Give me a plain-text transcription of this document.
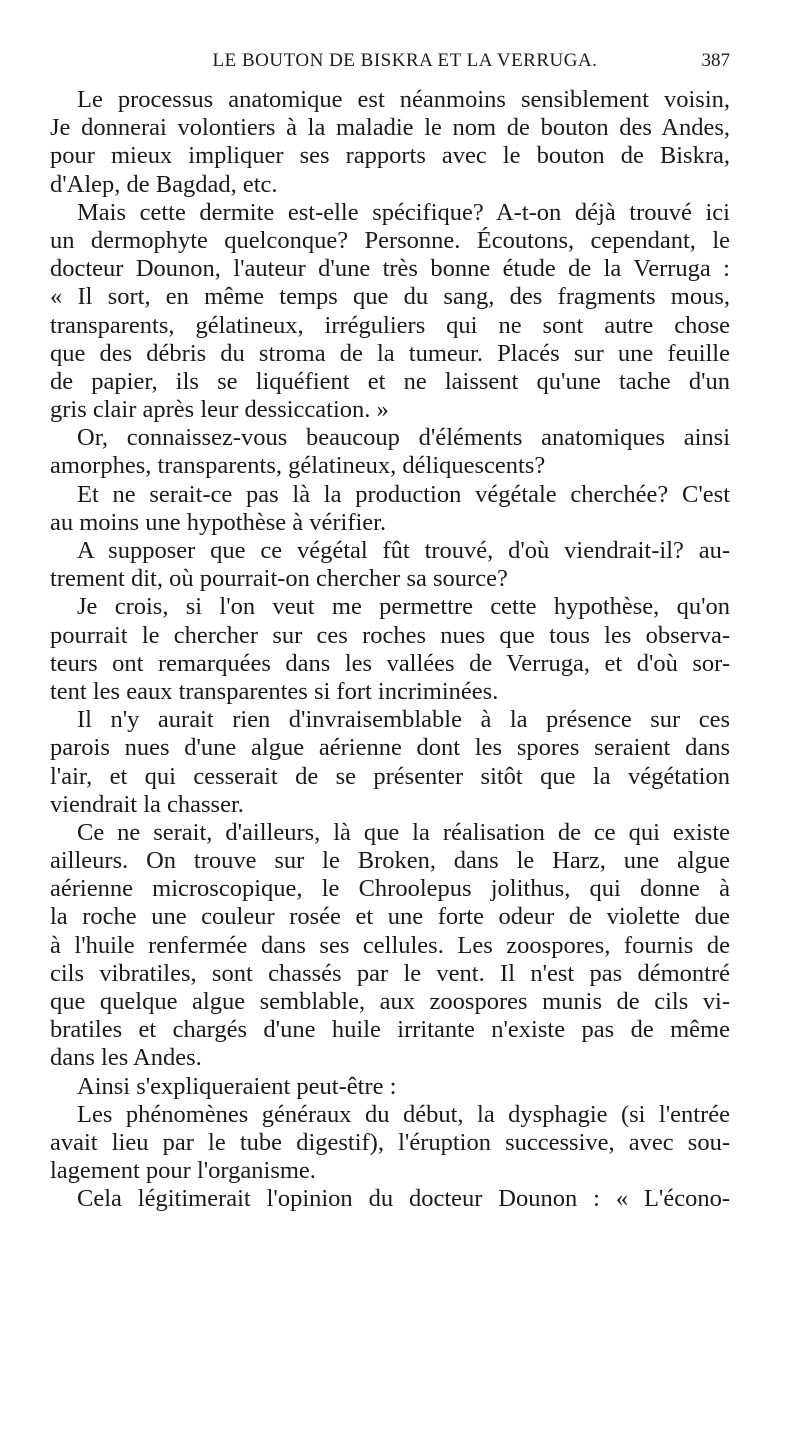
LE BOUTON DE BISKRA ET LA VERRUGA.	387
Le processus anatomique est néanmoins sensiblement voisin,
Je donnerai volontiers à la maladie le nom de bouton des Andes,
pour mieux impliquer ses rapports avec le bouton de Biskra,
d'Alep, de Bagdad, etc.
Mais cette dermite est-elle spécifique? A-t-on déjà trouvé ici
un dermophyte quelconque? Personne. Écoutons, cependant, le
docteur Dounon, l'auteur d'une très bonne étude de la Verruga :
« Il sort, en même temps que du sang, des fragments mous,
transparents, gélatineux, irréguliers qui ne sont autre chose
que des débris du stroma de la tumeur. Placés sur une feuille
de papier, ils se liquéfient et ne laissent qu'une tache d'un
gris clair après leur dessiccation. »
Or, connaissez-vous beaucoup d'éléments anatomiques ainsi
amorphes, transparents, gélatineux, déliquescents?
Et ne serait-ce pas là la production végétale cherchée? C'est
au moins une hypothèse à vérifier.
A supposer que ce végétal fût trouvé, d'où viendrait-il? au-
trement dit, où pourrait-on chercher sa source?
Je crois, si l'on veut me permettre cette hypothèse, qu'on
pourrait le chercher sur ces roches nues que tous les observa-
teurs ont remarquées dans les vallées de Verruga, et d'où sor-
tent les eaux transparentes si fort incriminées.
Il n'y aurait rien d'invraisemblable à la présence sur ces
parois nues d'une algue aérienne dont les spores seraient dans
l'air, et qui cesserait de se présenter sitôt que la végétation
viendrait la chasser.
Ce ne serait, d'ailleurs, là que la réalisation de ce qui existe
ailleurs. On trouve sur le Broken, dans le Harz, une algue
aérienne microscopique, le Chroolepus jolithus, qui donne à
la roche une couleur rosée et une forte odeur de violette due
à l'huile renfermée dans ses cellules. Les zoospores, fournis de
cils vibratiles, sont chassés par le vent. Il n'est pas démontré
que quelque algue semblable, aux zoospores munis de cils vi-
bratiles et chargés d'une huile irritante n'existe pas de même
dans les Andes.
Ainsi s'expliqueraient peut-être :
Les phénomènes généraux du début, la dysphagie (si l'entrée
avait lieu par le tube digestif), l'éruption successive, avec sou-
lagement pour l'organisme.
Cela légitimerait l'opinion du docteur Dounon : « L'écono-
